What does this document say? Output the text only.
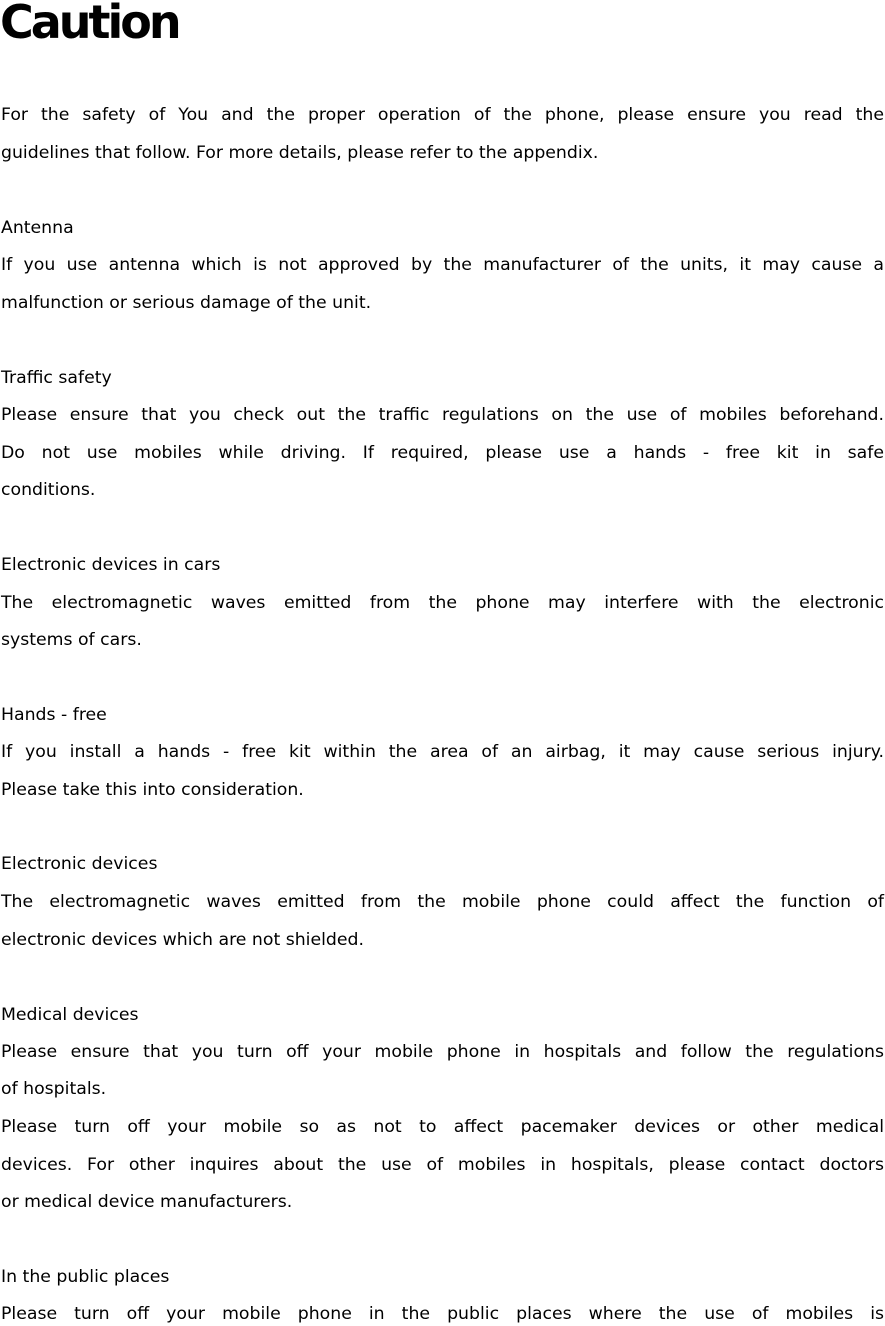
Caution
For the safety of You and the proper operation of the phone, please ensure you read the
guidelines that follow. For more details, please refer to the appendix.
Antenna
If you use antenna which is not approved by the manufacturer of the units, it may cause a
malfunction or serious damage of the unit.
Traffic safety
Please ensure that you check out the traffic regulations on the use of mobiles beforehand.
Do not use mobiles while driving. If required, please use a hands - free kit in safe
conditions.
Electronic devices in cars
The electromagnetic waves emitted from the phone may interfere with the electronic
systems of cars.
Hands - free
If you install a hands - free kit within the area of an airbag, it may cause serious injury.
Please take this into consideration.
Electronic devices
The electromagnetic waves emitted from the mobile phone could affect the function of
electronic devices which are not shielded.
Medical devices
Please ensure that you turn off your mobile phone in hospitals and follow the regulations
of hospitals.
Please turn off your mobile so as not to affect pacemaker devices or other medical
devices. For other inquires about the use of mobiles in hospitals, please contact doctors
or medical device manufacturers.
In the public places
Please turn off your mobile phone in the public places where the use of mobiles is
